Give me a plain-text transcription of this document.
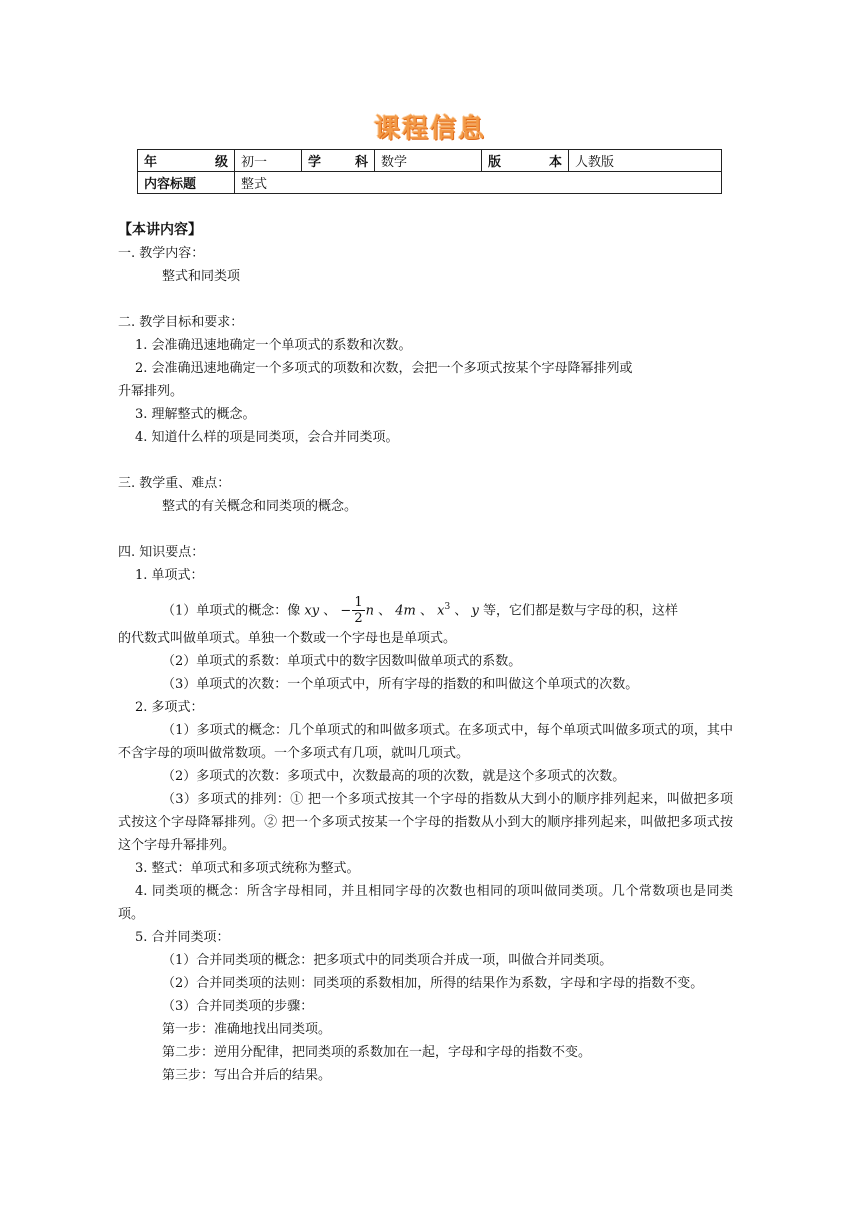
课程信息
年 级	初一	学 科	数学	版 本	人教版
内容标题	整式				
【本讲内容】
一. 教学内容：
整式和同类项
二. 教学目标和要求：
1. 会准确迅速地确定一个单项式的系数和次数。
2. 会准确迅速地确定一个多项式的项数和次数，会把一个多项式按某个字母降幂排列或
升幂排列。
3. 理解整式的概念。
4. 知道什么样的项是同类项，会合并同类项。
三. 教学重、难点：
整式的有关概念和同类项的概念。
四. 知识要点：
1. 单项式：
（1）单项式的概念：像 xy 、 − $\frac{1}{2}$ n 、 4m 、 $x^3$ 、 y 等，它们都是数与字母的积，这样
的代数式叫做单项式。单独一个数或一个字母也是单项式。
（2）单项式的系数：单项式中的数字因数叫做单项式的系数。
（3）单项式的次数：一个单项式中，所有字母的指数的和叫做这个单项式的次数。
2. 多项式：
（1）多项式的概念：几个单项式的和叫做多项式。在多项式中，每个单项式叫做多项式的项，其中不含字母的项叫做常数项。一个多项式有几项，就叫几项式。
（2）多项式的次数：多项式中，次数最高的项的次数，就是这个多项式的次数。
（3）多项式的排列：① 把一个多项式按其一个字母的指数从大到小的顺序排列起来，叫做把多项式按这个字母降幂排列。② 把一个多项式按某一个字母的指数从小到大的顺序排列起来，叫做把多项式按这个字母升幂排列。
3. 整式：单项式和多项式统称为整式。
4. 同类项的概念：所含字母相同，并且相同字母的次数也相同的项叫做同类项。几个常数项也是同类项。
5. 合并同类项：
（1）合并同类项的概念：把多项式中的同类项合并成一项，叫做合并同类项。
（2）合并同类项的法则：同类项的系数相加，所得的结果作为系数，字母和字母的指数不变。
（3）合并同类项的步骤：
第一步：准确地找出同类项。
第二步：逆用分配律，把同类项的系数加在一起，字母和字母的指数不变。
第三步：写出合并后的结果。
